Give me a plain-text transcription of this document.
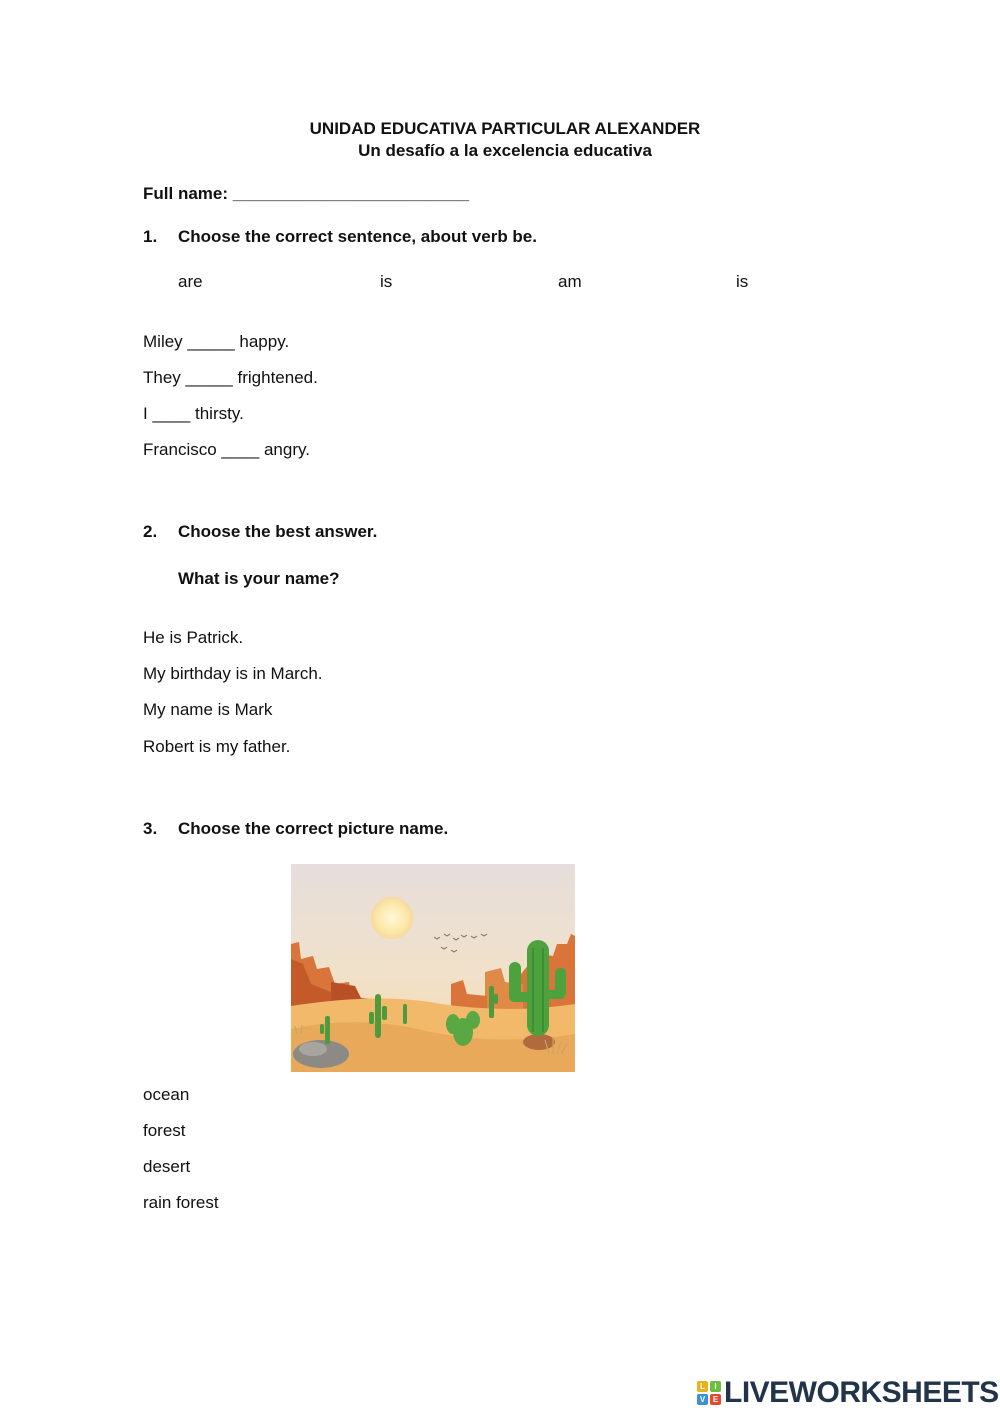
UNIDAD EDUCATIVA PARTICULAR ALEXANDER
Un desafío a la excelencia educativa
Full name: _________________________
1. Choose the correct sentence, about verb be.
are	is	am	is
Miley _____ happy.
They _____ frightened.
I ____ thirsty.
Francisco ____ angry.
2. Choose the best answer.
What is your name?
He is Patrick.
My birthday is in March.
My name is Mark
Robert is my father.
3. Choose the correct picture name.
ocean
forest
desert
rain forest
L	I
V E LIVEWORKSHEETS
